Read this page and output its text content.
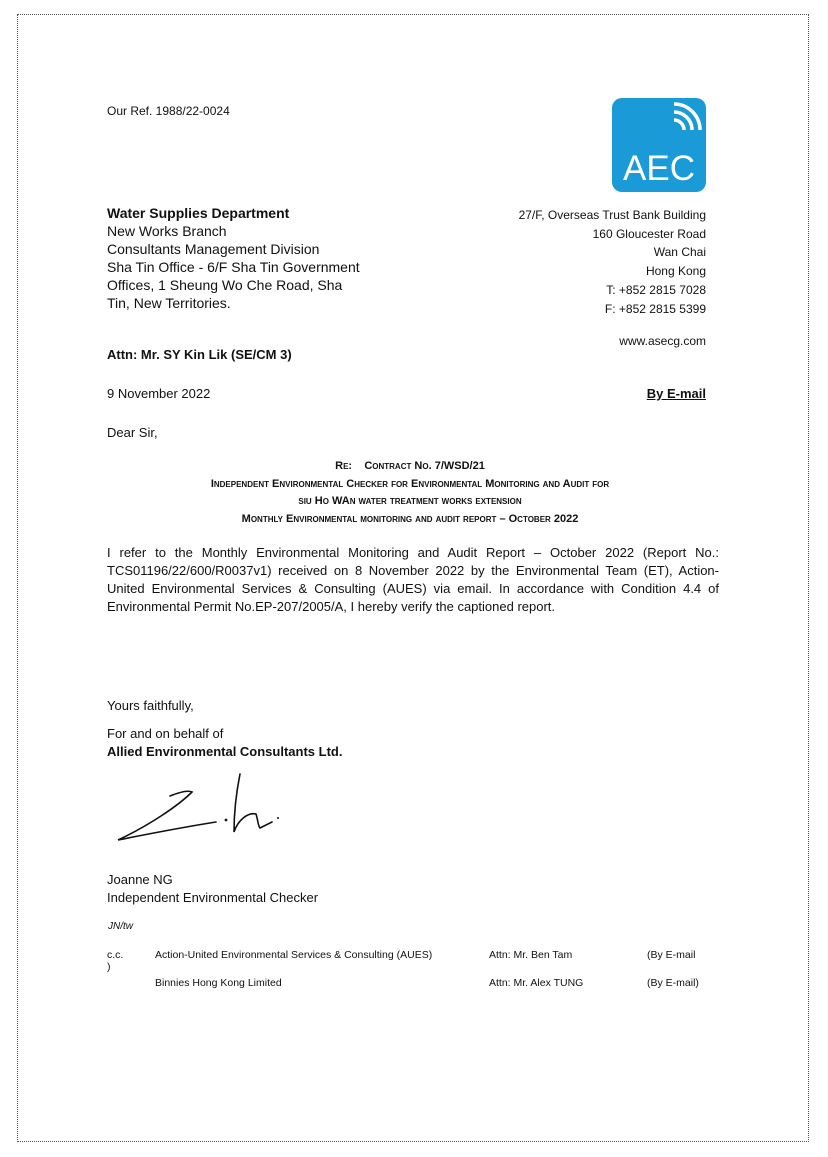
Our Ref. 1988/22-0024
AEC
Water Supplies Department
New Works Branch
Consultants Management Division
Sha Tin Office - 6/F Sha Tin Government
Offices, 1 Sheung Wo Che Road, Sha
Tin, New Territories.
27/F, Overseas Trust Bank Building
160 Gloucester Road
Wan Chai
Hong Kong
T: +852 2815 7028
F: +852 2815 5399
www.asecg.com
Attn: Mr. SY Kin Lik (SE/CM 3)
9 November 2022	By E-mail
Dear Sir,
Re:    Contract No. 7/WSD/21
Independent Environmental Checker for Environmental Monitoring and Audit for
siu Ho WAn water treatment works extension
Monthly Environmental monitoring and audit report – October 2022
I refer to the Monthly Environmental Monitoring and Audit Report – October 2022 (Report No.: TCS01196/22/600/R0037v1) received on 8 November 2022 by the Environmental Team (ET), Action-United Environmental Services & Consulting (AUES) via email. In accordance with Condition 4.4 of Environmental Permit No.EP-207/2005/A, I hereby verify the captioned report.
Yours faithfully,
For and on behalf of
Allied Environmental Consultants Ltd.
Joanne NG
Independent Environmental Checker
JN/tw
c.c.
)
Action-United Environmental Services & Consulting (AUES)	Attn: Mr. Ben Tam	(By E-mail
Binnies Hong Kong Limited	Attn: Mr. Alex TUNG	(By E-mail)
